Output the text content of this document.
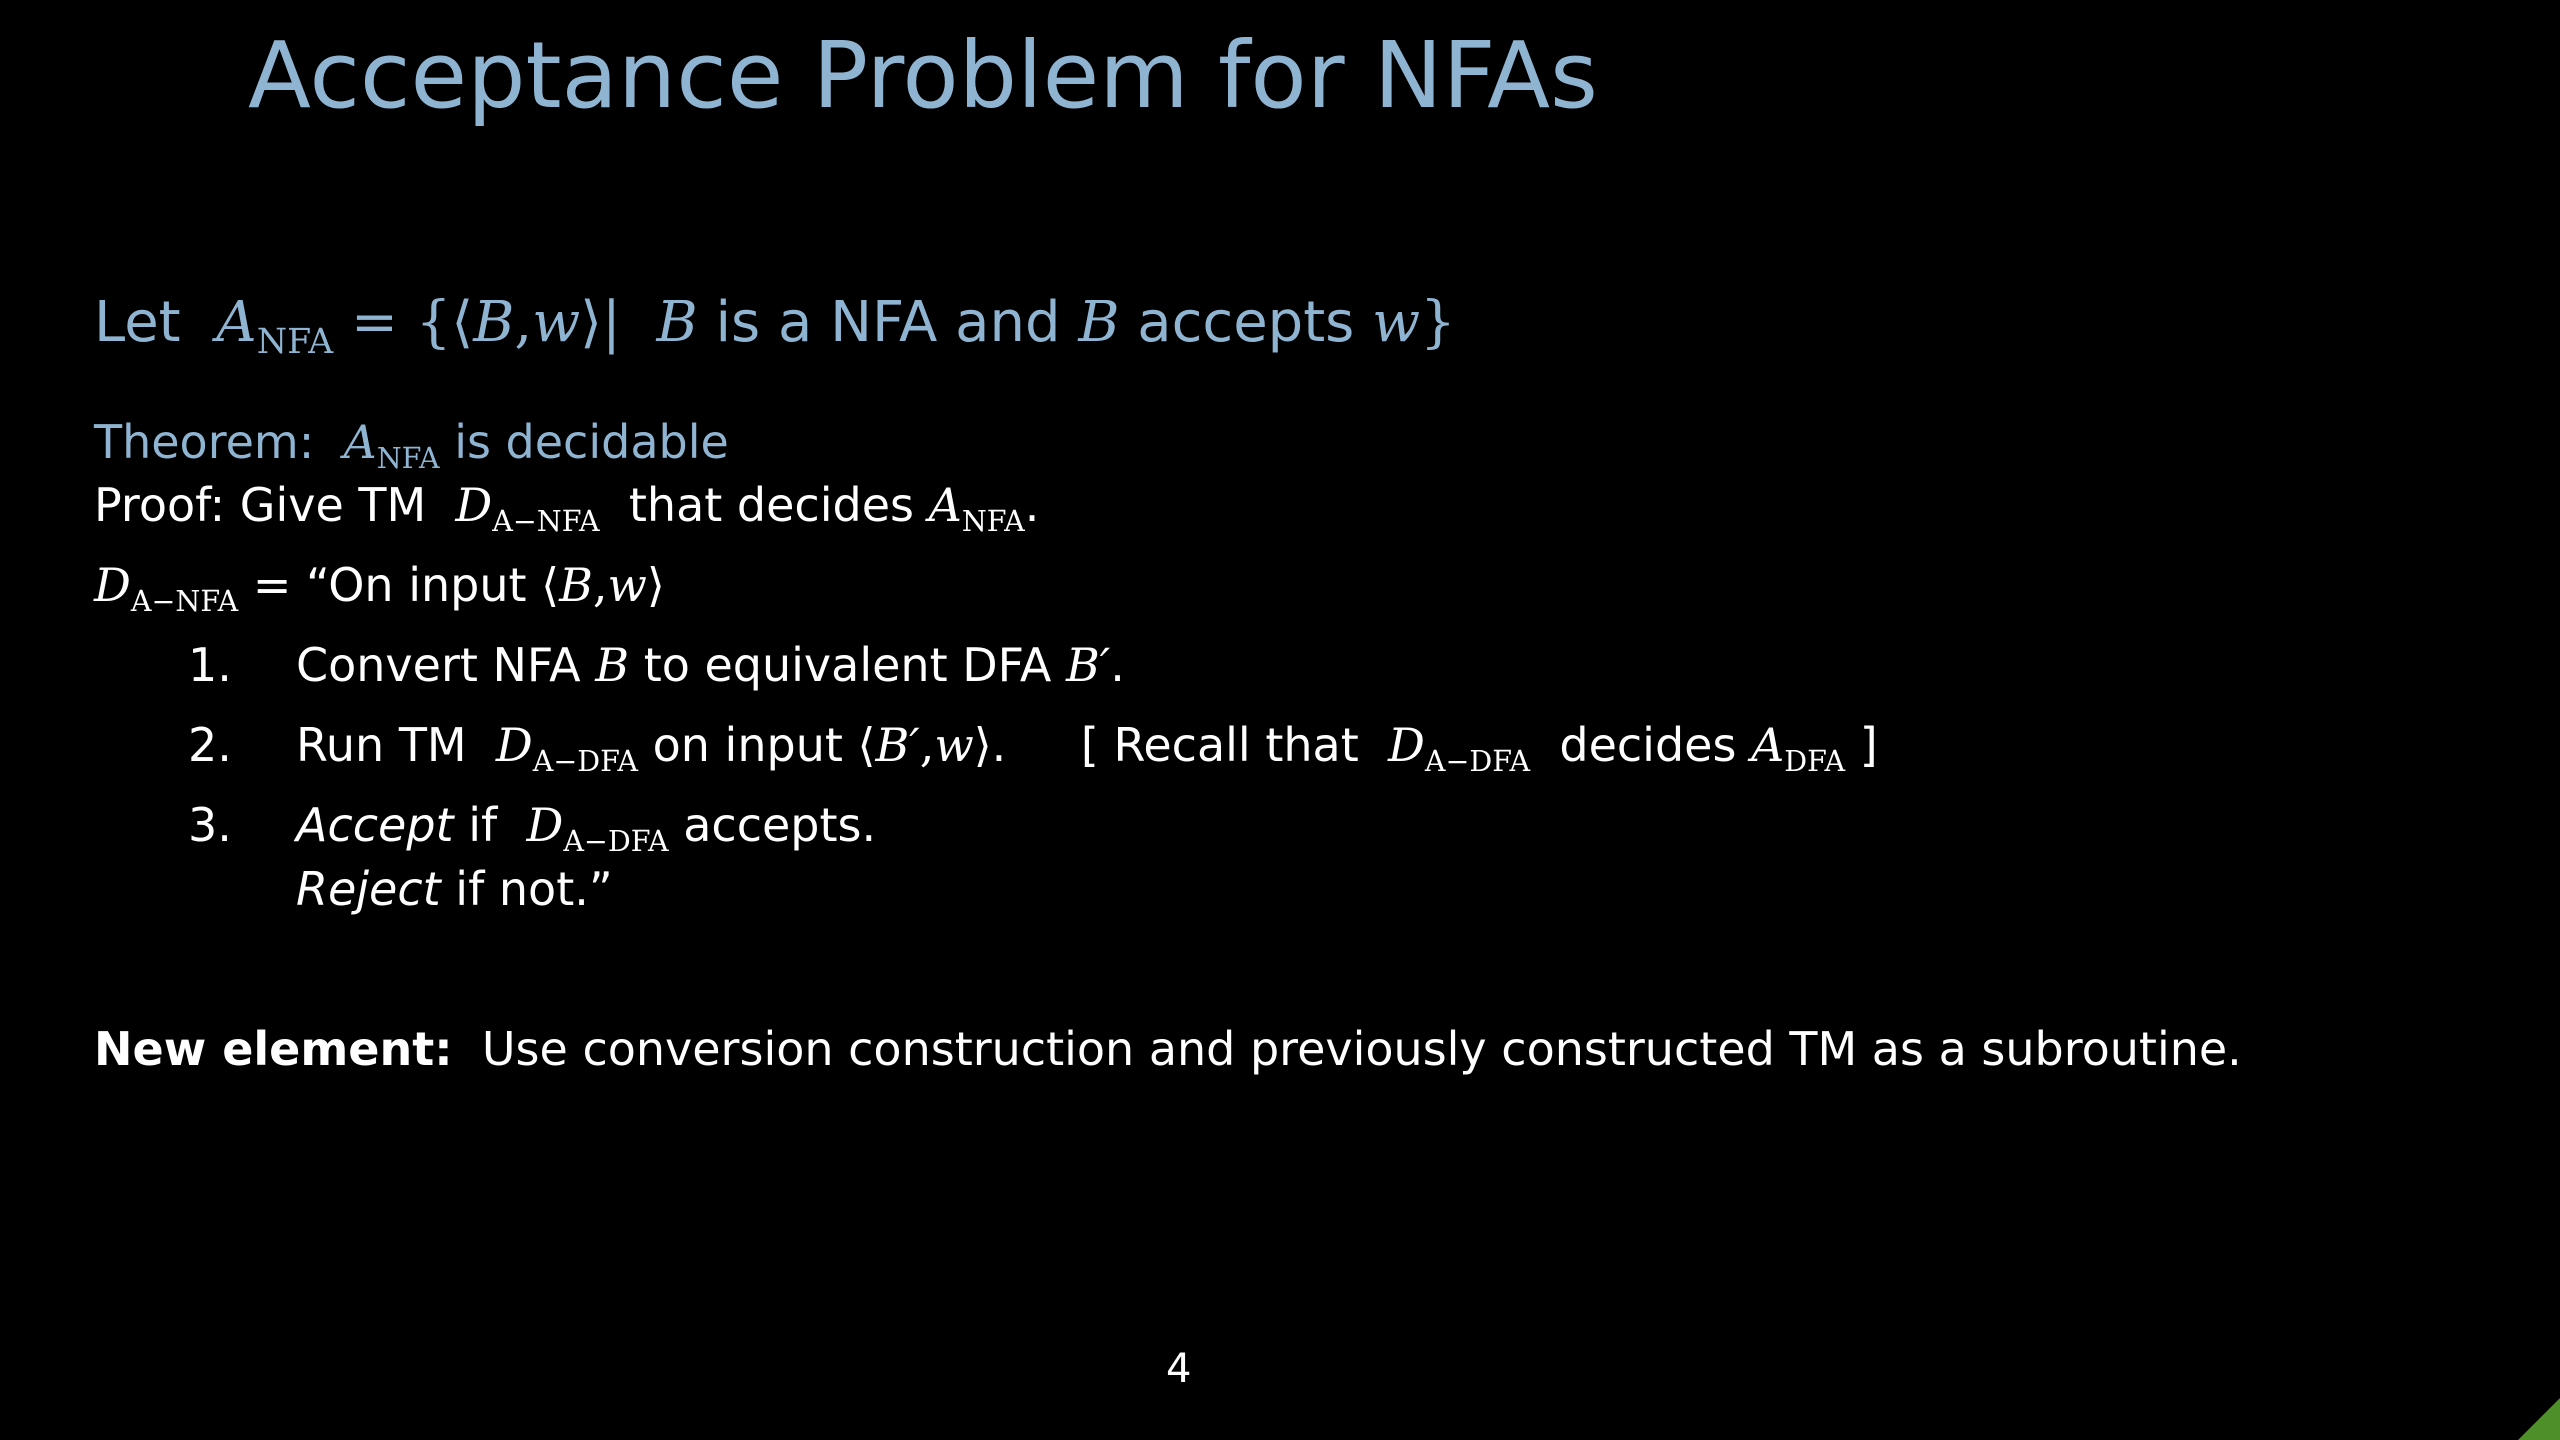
Acceptance Problem for NFAs
Let $A_{NFA}$ = {⟨B,w⟩| B is a NFA and B accepts w}
Theorem: $A_{NFA}$ is decidable
Proof: Give TM $D_{A-NFA}$ that decides $A_{NFA}$.
$D_{A-NFA}$ = “On input ⟨B,w⟩
1. Convert NFA B to equivalent DFA B′.
2. Run TM $D_{A-DFA}$ on input ⟨B′,w⟩. [ Recall that $D_{A-DFA}$ decides $A_{DFA}$ ]
3. Accept if $D_{A-DFA}$ accepts.
Reject if not.”
New element: Use conversion construction and previously constructed TM as a subroutine.
4
